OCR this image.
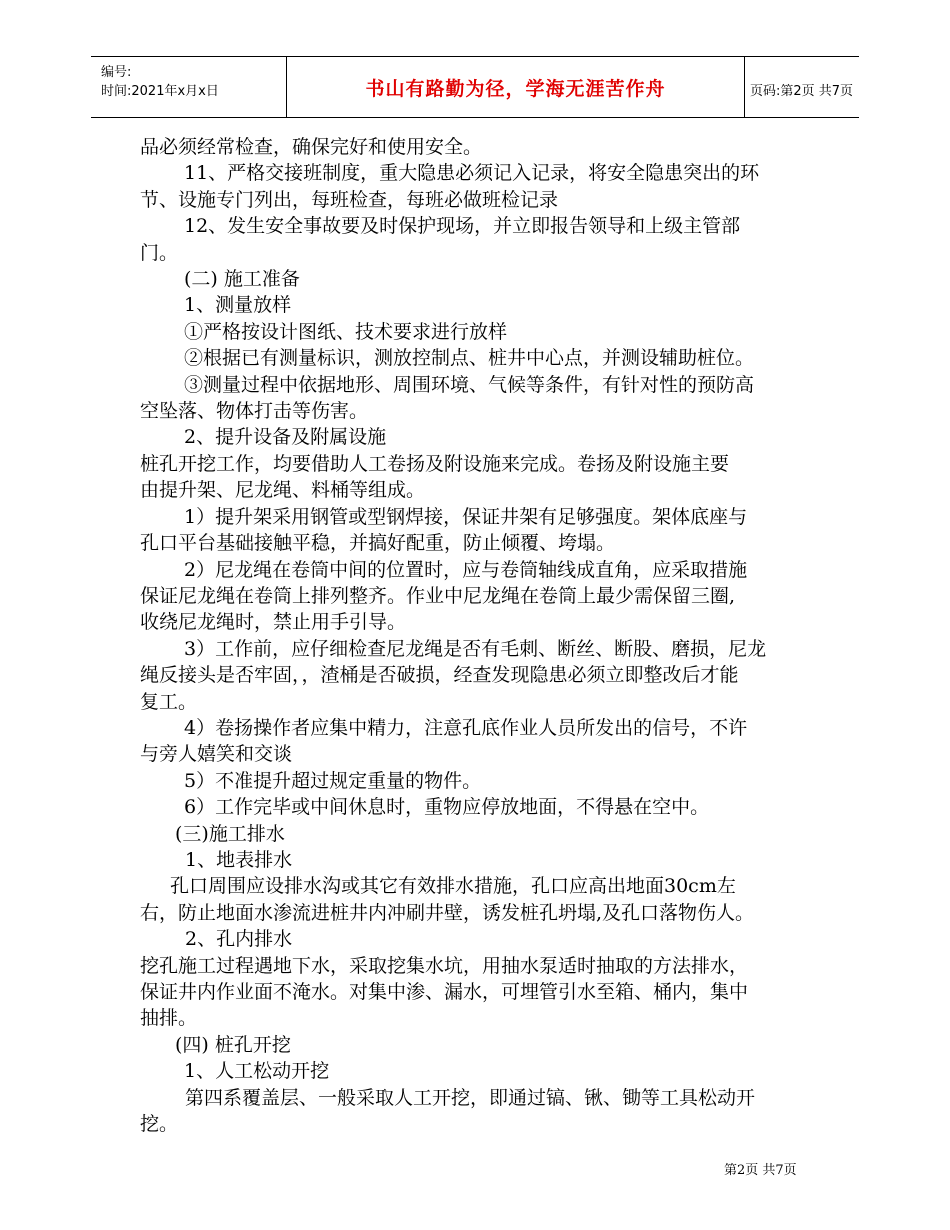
编号:
时间:2021年x月x日	书山有路勤为径，学海无涯苦作舟	页码:第2页 共7页

品必须经常检查，确保完好和使用安全。

11、严格交接班制度，重大隐患必须记入记录，将安全隐患突出的环

节、设施专门列出，每班检查，每班必做班检记录

12、发生安全事故要及时保护现场，并立即报告领导和上级主管部

门。

(二) 施工准备

1、测量放样

①严格按设计图纸、技术要求进行放样

②根据已有测量标识，测放控制点、桩井中心点，并测设辅助桩位。

③测量过程中依据地形、周围环境、气候等条件，有针对性的预防高

空坠落、物体打击等伤害。

2、提升设备及附属设施

桩孔开挖工作，均要借助人工卷扬及附设施来完成。卷扬及附设施主要

由提升架、尼龙绳、料桶等组成。

1）提升架采用钢管或型钢焊接，保证井架有足够强度。架体底座与

孔口平台基础接触平稳，并搞好配重，防止倾覆、垮塌。

2）尼龙绳在卷筒中间的位置时，应与卷筒轴线成直角，应采取措施

保证尼龙绳在卷筒上排列整齐。作业中尼龙绳在卷筒上最少需保留三圈,

收绕尼龙绳时，禁止用手引导。

3）工作前，应仔细检查尼龙绳是否有毛刺、断丝、断股、磨损，尼龙

绳反接头是否牢固，，渣桶是否破损，经查发现隐患必须立即整改后才能

复工。

4）卷扬操作者应集中精力，注意孔底作业人员所发出的信号，不许

与旁人嬉笑和交谈

5）不准提升超过规定重量的物件。

6）工作完毕或中间休息时，重物应停放地面，不得悬在空中。

(三)施工排水

1、地表排水

孔口周围应设排水沟或其它有效排水措施，孔口应高出地面30cm左

右，防止地面水渗流进桩井内冲刷井壁，诱发桩孔坍塌,及孔口落物伤人。

2、孔内排水

挖孔施工过程遇地下水，采取挖集水坑，用抽水泵适时抽取的方法排水，

保证井内作业面不淹水。对集中渗、漏水，可埋管引水至箱、桶内，集中

抽排。

(四) 桩孔开挖

1、人工松动开挖

第四系覆盖层、一般采取人工开挖，即通过镐、锹、锄等工具松动开

挖。

第2页 共7页
